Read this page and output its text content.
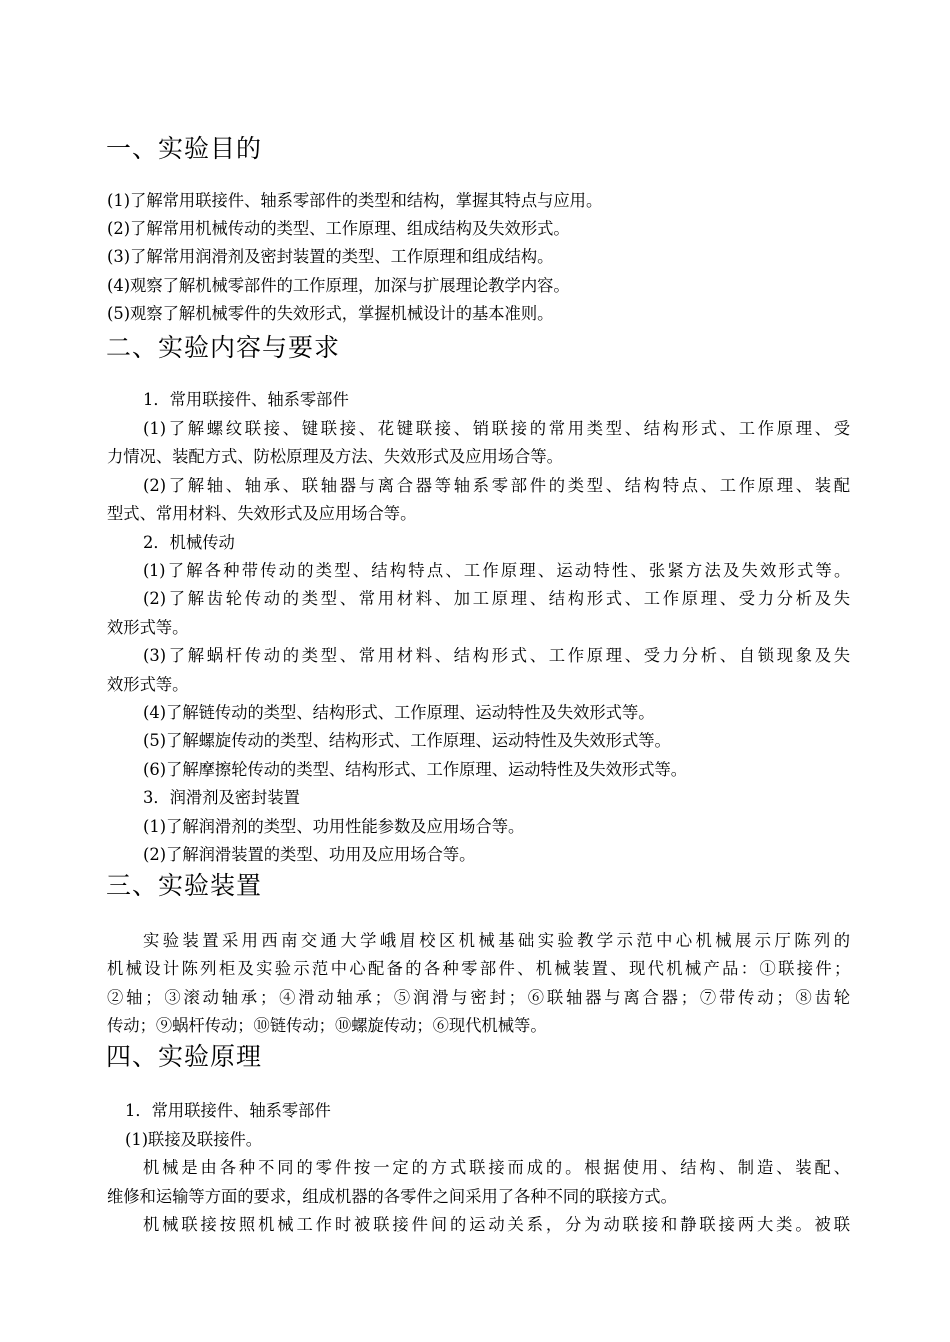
一、实验目的

(1)了解常用联接件、轴系零部件的类型和结构，掌握其特点与应用。

(2)了解常用机械传动的类型、工作原理、组成结构及失效形式。

(3)了解常用润滑剂及密封装置的类型、工作原理和组成结构。

(4)观察了解机械零部件的工作原理，加深与扩展理论教学内容。

(5)观察了解机械零件的失效形式，掌握机械设计的基本准则。

二、实验内容与要求

1．常用联接件、轴系零部件

(1)了解螺纹联接、键联接、花键联接、销联接的常用类型、结构形式、工作原理、受

力情况、装配方式、防松原理及方法、失效形式及应用场合等。

(2)了解轴、轴承、联轴器与离合器等轴系零部件的类型、结构特点、工作原理、装配

型式、常用材料、失效形式及应用场合等。

2．机械传动

(1)了解各种带传动的类型、结构特点、工作原理、运动特性、张紧方法及失效形式等。

(2)了解齿轮传动的类型、常用材料、加工原理、结构形式、工作原理、受力分析及失

效形式等。

(3)了解蜗杆传动的类型、常用材料、结构形式、工作原理、受力分析、自锁现象及失

效形式等。

(4)了解链传动的类型、结构形式、工作原理、运动特性及失效形式等。

(5)了解螺旋传动的类型、结构形式、工作原理、运动特性及失效形式等。

(6)了解摩擦轮传动的类型、结构形式、工作原理、运动特性及失效形式等。

3．润滑剂及密封装置

(1)了解润滑剂的类型、功用性能参数及应用场合等。

(2)了解润滑装置的类型、功用及应用场合等。

三、实验装置

实验装置采用西南交通大学峨眉校区机械基础实验教学示范中心机械展示厅陈列的

机械设计陈列柜及实验示范中心配备的各种零部件、机械装置、现代机械产品：①联接件；

②轴；③滚动轴承；④滑动轴承；⑤润滑与密封；⑥联轴器与离合器；⑦带传动；⑧齿轮

传动；⑨蜗杆传动；⑩链传动；⑩螺旋传动；⑥现代机械等。

四、实验原理

1．常用联接件、轴系零部件

(1)联接及联接件。

机械是由各种不同的零件按一定的方式联接而成的。根据使用、结构、制造、装配、

维修和运输等方面的要求，组成机器的各零件之间采用了各种不同的联接方式。

机械联接按照机械工作时被联接件间的运动关系，分为动联接和静联接两大类。被联
